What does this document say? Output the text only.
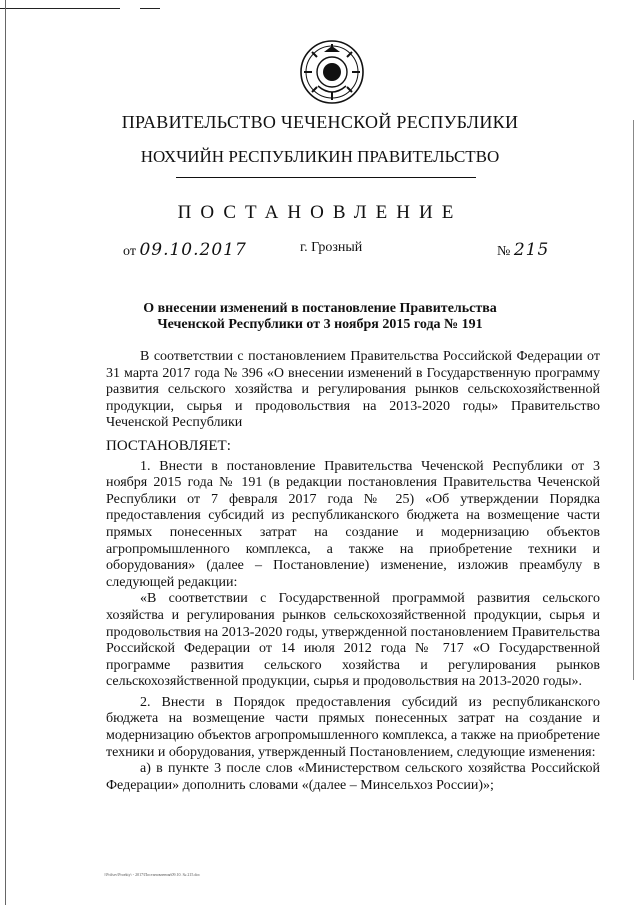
ПРАВИТЕЛЬСТВО ЧЕЧЕНСКОЙ РЕСПУБЛИКИ
НОХЧИЙН РЕСПУБЛИКИН ПРАВИТЕЛЬСТВО
ПОСТАНОВЛЕНИЕ
от 09.10.2017	г. Грозный	№ 215
О внесении изменений в постановление Правительства
Чеченской Республики от 3 ноября 2015 года № 191

В соответствии с постановлением Правительства Российской Федерации от 31 марта 2017 года № 396 «О внесении изменений в Государственную программу развития сельского хозяйства и регулирования рынков сельскохозяйственной продукции, сырья и продовольствия на 2013-2020 годы» Правительство Чеченской Республики

ПОСТАНОВЛЯЕТ:

1. Внести в постановление Правительства Чеченской Республики от 3 ноября 2015 года № 191 (в редакции постановления Правительства Чеченской Республики от 7 февраля 2017 года № 25) «Об утверждении Порядка предоставления субсидий из республиканского бюджета на возмещение части прямых понесенных затрат на создание и модернизацию объектов агропромышленного комплекса, а также на приобретение техники и оборудования» (далее – Постановление) изменение, изложив преамбулу в следующей редакции:

«В соответствии с Государственной программой развития сельского хозяйства и регулирования рынков сельскохозяйственной продукции, сырья и продовольствия на 2013-2020 годы, утвержденной постановлением Правительства Российской Федерации от 14 июля 2012 года № 717 «О Государственной программе развития сельского хозяйства и регулирования рынков сельскохозяйственной продукции, сырья и продовольствия на 2013-2020 годы».

2. Внести в Порядок предоставления субсидий из республиканского бюджета на возмещение части прямых понесенных затрат на создание и модернизацию объектов агропромышленного комплекса, а также на приобретение техники и оборудования, утвержденный Постановлением, следующие изменения:

а) в пункте 3 после слов «Министерством сельского хозяйства Российской Федерации» дополнить словами «(далее – Минсельхоз России)»;

\\Prifsrv\Proekty\ - 2017\Постановления\09.10. № 215.doc
